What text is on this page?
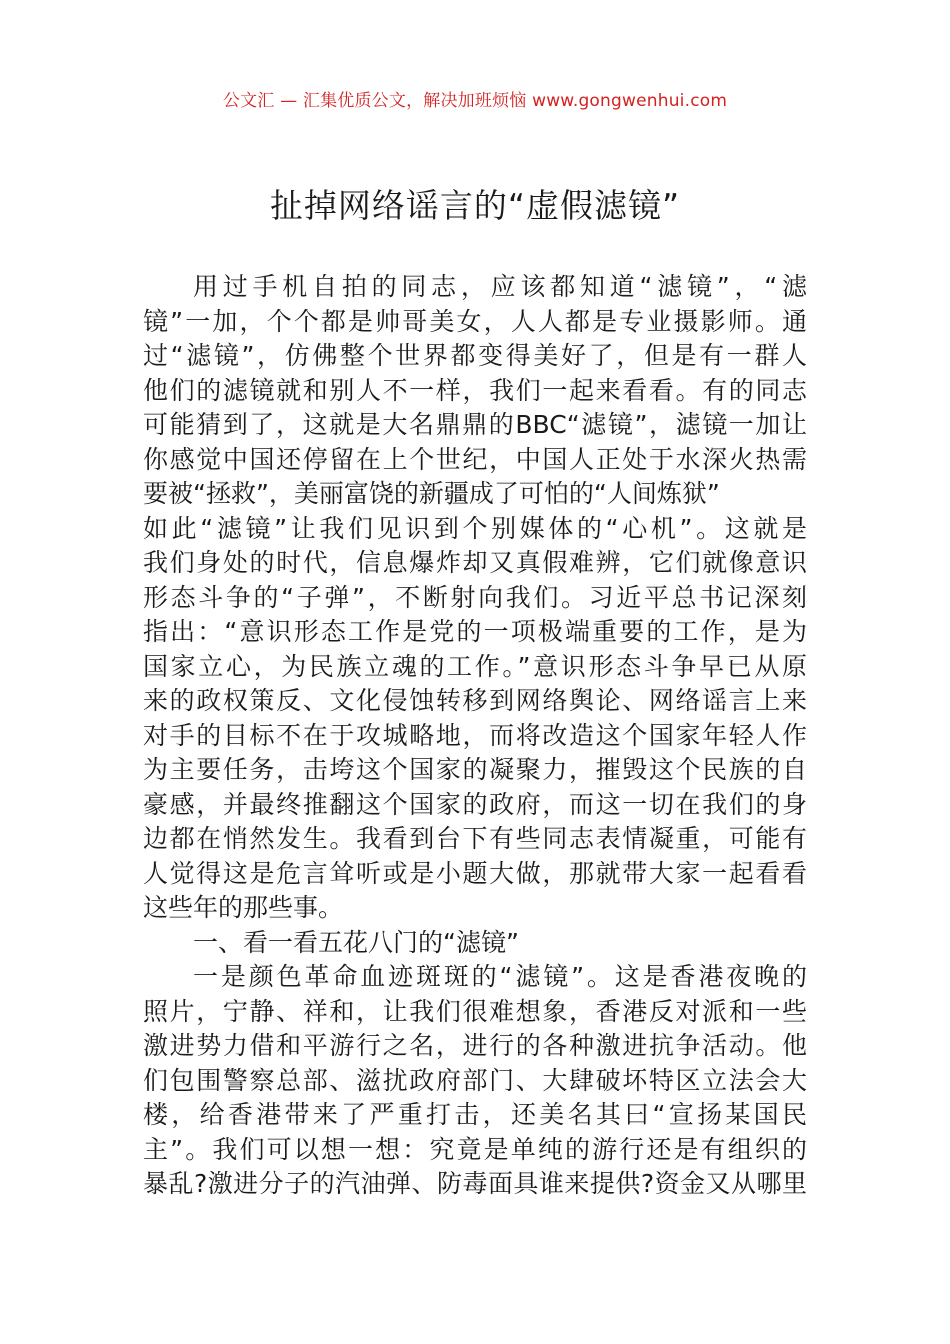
公文汇 — 汇集优质公文，解决加班烦恼 www.gongwenhui.com
扯掉网络谣言的“虚假滤镜”
用过手机自拍的同志，应该都知道“滤镜”，“滤
镜”一加，个个都是帅哥美女，人人都是专业摄影师。通
过“滤镜”，仿佛整个世界都变得美好了，但是有一群人
他们的滤镜就和别人不一样，我们一起来看看。有的同志
可能猜到了，这就是大名鼎鼎的BBC“滤镜”，滤镜一加让
你感觉中国还停留在上个世纪，中国人正处于水深火热需
要被“拯救”，美丽富饶的新疆成了可怕的“人间炼狱”
如此“滤镜”让我们见识到个别媒体的“心机”。这就是
我们身处的时代，信息爆炸却又真假难辨，它们就像意识
形态斗争的“子弹”，不断射向我们。习近平总书记深刻
指出：“意识形态工作是党的一项极端重要的工作，是为
国家立心，为民族立魂的工作。”意识形态斗争早已从原
来的政权策反、文化侵蚀转移到网络舆论、网络谣言上来
对手的目标不在于攻城略地，而将改造这个国家年轻人作
为主要任务，击垮这个国家的凝聚力，摧毁这个民族的自
豪感，并最终推翻这个国家的政府，而这一切在我们的身
边都在悄然发生。我看到台下有些同志表情凝重，可能有
人觉得这是危言耸听或是小题大做，那就带大家一起看看
这些年的那些事。
一、看一看五花八门的“滤镜”
一是颜色革命血迹斑斑的“滤镜”。这是香港夜晚的
照片，宁静、祥和，让我们很难想象，香港反对派和一些
激进势力借和平游行之名，进行的各种激进抗争活动。他
们包围警察总部、滋扰政府部门、大肆破坏特区立法会大
楼，给香港带来了严重打击，还美名其曰“宣扬某国民
主”。我们可以想一想：究竟是单纯的游行还是有组织的
暴乱?激进分子的汽油弹、防毒面具谁来提供?资金又从哪里
